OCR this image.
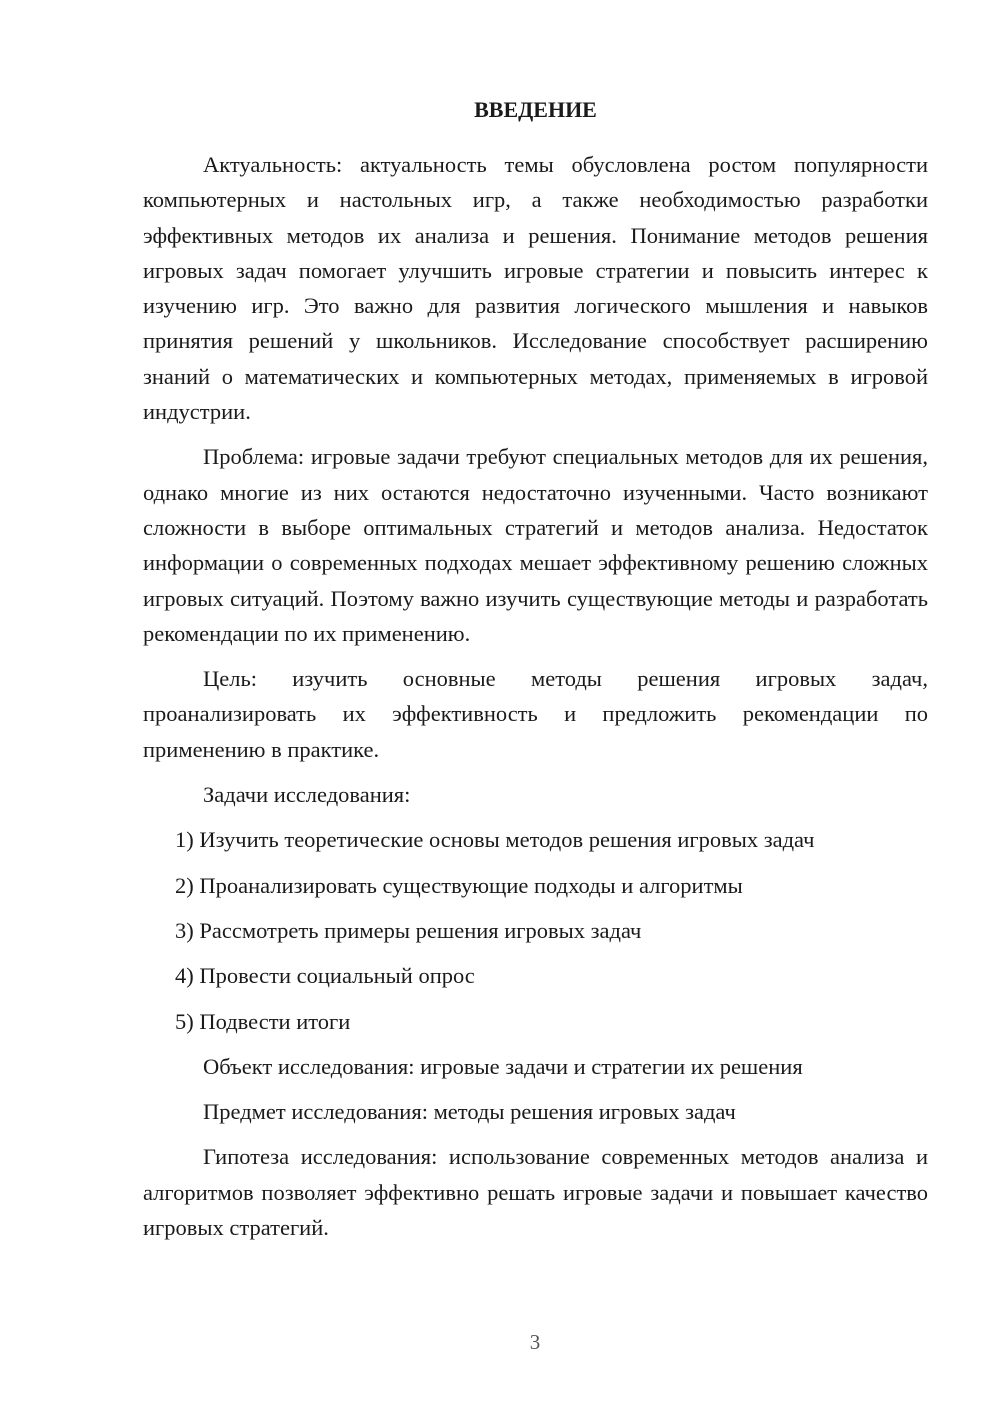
ВВЕДЕНИЕ

Актуальность: актуальность темы обусловлена ростом популярности компьютерных и настольных игр, а также необходимостью разработки эффективных методов их анализа и решения. Понимание методов решения игровых задач помогает улучшить игровые стратегии и повысить интерес к изучению игр. Это важно для развития логического мышления и навыков принятия решений у школьников. Исследование способствует расширению знаний о математических и компьютерных методах, применяемых в игровой индустрии.

Проблема: игровые задачи требуют специальных методов для их решения, однако многие из них остаются недостаточно изученными. Часто возникают сложности в выборе оптимальных стратегий и методов анализа. Недостаток информации о современных подходах мешает эффективному решению сложных игровых ситуаций. Поэтому важно изучить существующие методы и разработать рекомендации по их применению.

Цель: изучить основные методы решения игровых задач, проанализировать их эффективность и предложить рекомендации по применению в практике.

Задачи исследования:

1) Изучить теоретические основы методов решения игровых задач
2) Проанализировать существующие подходы и алгоритмы
3) Рассмотреть примеры решения игровых задач
4) Провести социальный опрос
5) Подвести итоги

Объект исследования: игровые задачи и стратегии их решения

Предмет исследования: методы решения игровых задач

Гипотеза исследования: использование современных методов анализа и алгоритмов позволяет эффективно решать игровые задачи и повышает качество игровых стратегий.

3
